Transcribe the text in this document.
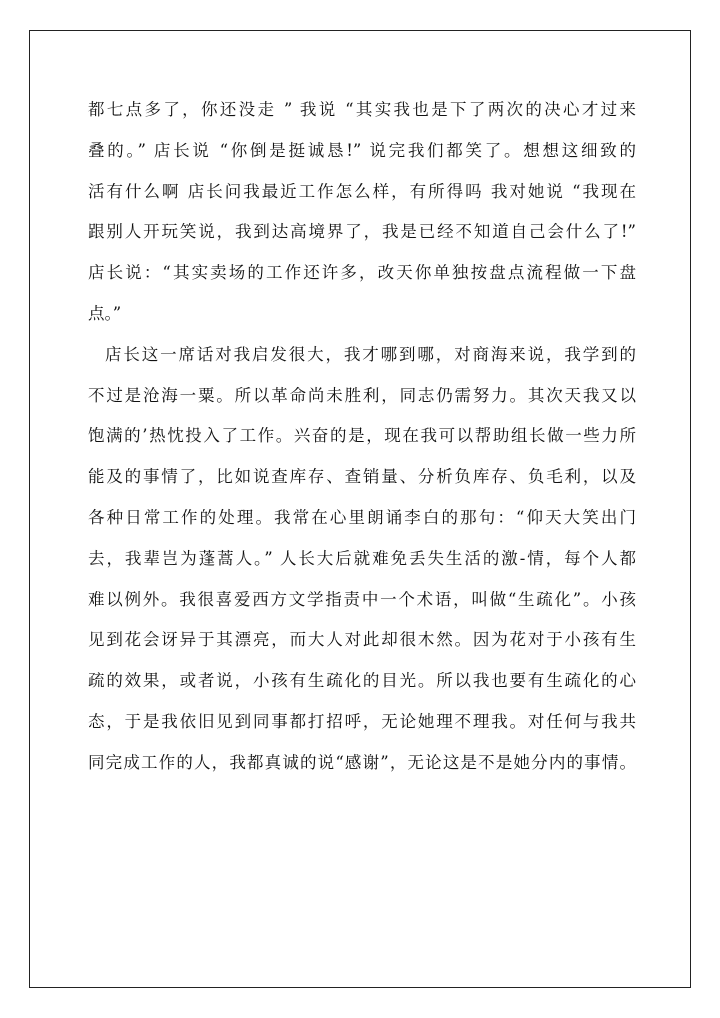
都七点多了，你还没走 ” 我说 “其实我也是下了两次的决心才过来
叠的。” 店长说 “你倒是挺诚恳!” 说完我们都笑了。想想这细致的
活有什么啊 店长问我最近工作怎么样，有所得吗 我对她说 “我现在
跟别人开玩笑说，我到达高境界了，我是已经不知道自己会什么了!”
店长说：“其实卖场的工作还许多，改天你单独按盘点流程做一下盘
点。”
店长这一席话对我启发很大，我才哪到哪，对商海来说，我学到的
不过是沧海一粟。所以革命尚未胜利，同志仍需努力。其次天我又以
饱满的’热忱投入了工作。兴奋的是，现在我可以帮助组长做一些力所
能及的事情了，比如说查库存、查销量、分析负库存、负毛利，以及
各种日常工作的处理。我常在心里朗诵李白的那句：“仰天大笑出门
去，我辈岂为蓬蒿人。” 人长大后就难免丢失生活的激-情，每个人都
难以例外。我很喜爱西方文学指责中一个术语，叫做“生疏化”。小孩
见到花会讶异于其漂亮，而大人对此却很木然。因为花对于小孩有生
疏的效果，或者说，小孩有生疏化的目光。所以我也要有生疏化的心
态，于是我依旧见到同事都打招呼，无论她理不理我。对任何与我共
同完成工作的人，我都真诚的说“感谢”，无论这是不是她分内的事情。
